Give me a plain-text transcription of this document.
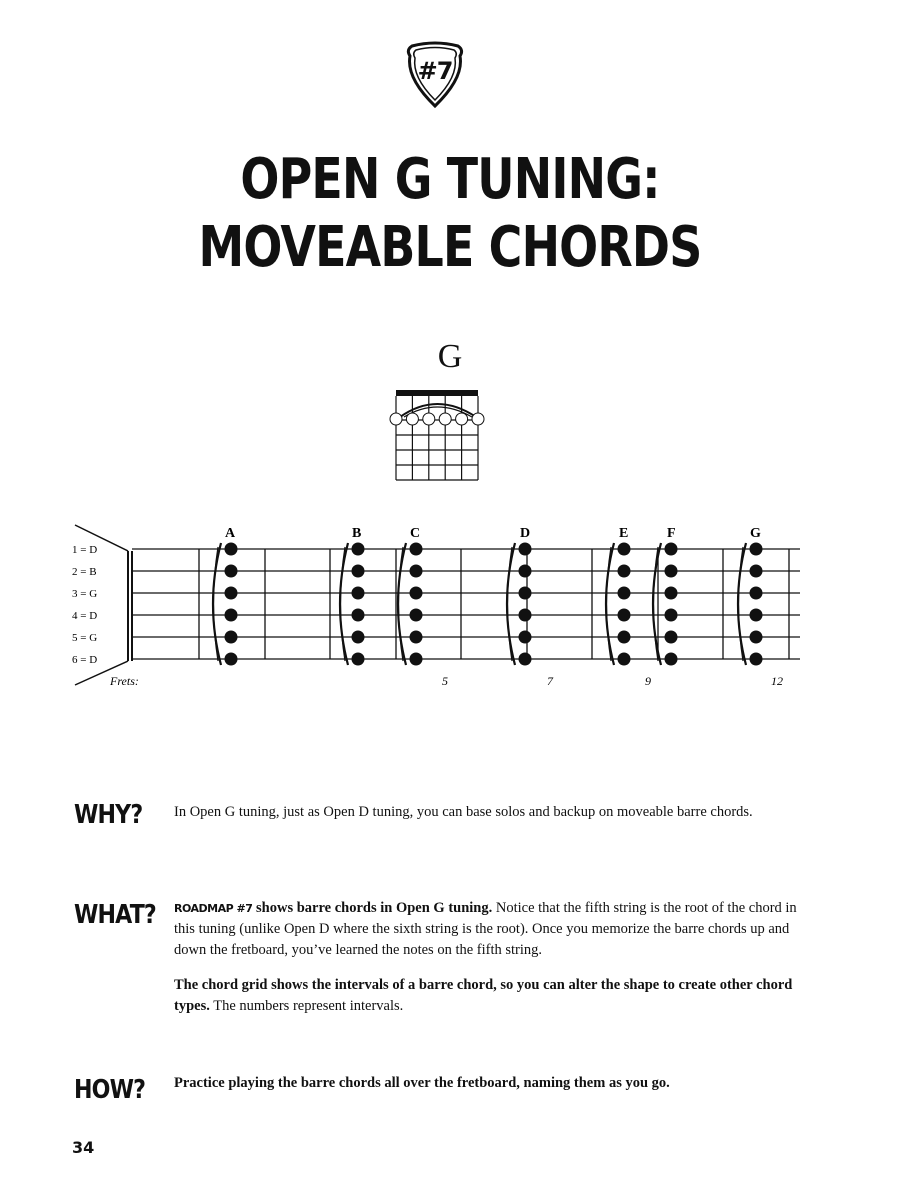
#7
OPEN G TUNING:
MOVEABLE CHORDS
G
1 = D
2 = B
3 = G
4 = D
5 = G
6 = D
A	B	C	D	E	F	G
Frets:	5	7	9	12
WHY? In Open G tuning, just as Open D tuning, you can base solos and backup on moveable barre chords.
WHAT? ROADMAP #7 shows barre chords in Open G tuning. Notice that the fifth string is the root of the chord in this tuning (unlike Open D where the sixth string is the root). Once you memorize the barre chords up and down the fretboard, you’ve learned the notes on the fifth string.
The chord grid shows the intervals of a barre chord, so you can alter the shape to create other chord types. The numbers represent intervals.
HOW? Practice playing the barre chords all over the fretboard, naming them as you go.
34
